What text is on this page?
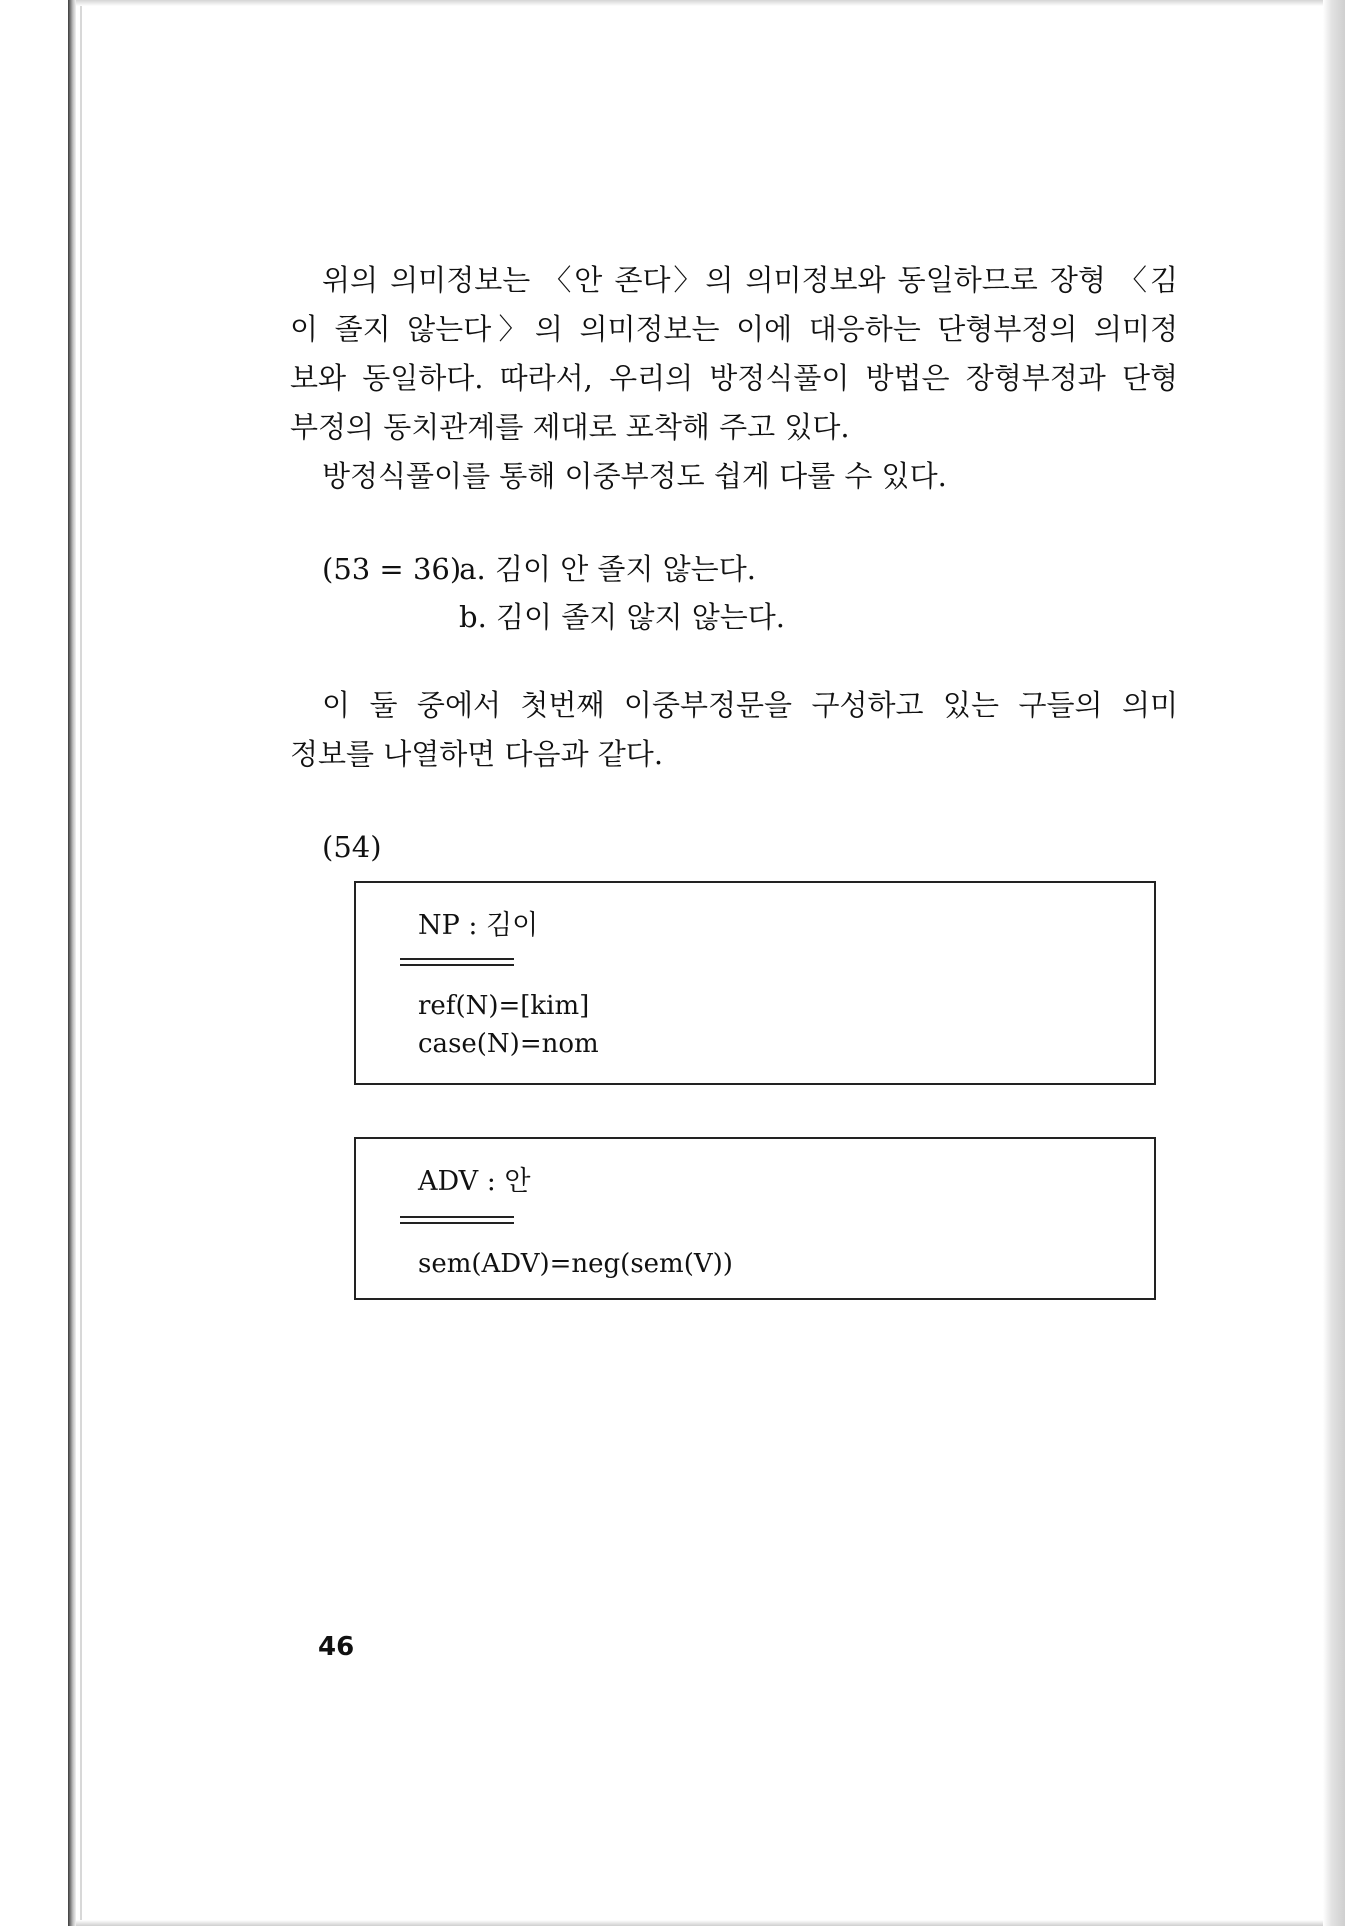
위의 의미정보는 〈안 존다〉의 의미정보와 동일하므로 장형 〈김

이 졸지 않는다〉의 의미정보는 이에 대응하는 단형부정의 의미정

보와 동일하다. 따라서, 우리의 방정식풀이 방법은 장형부정과 단형

부정의 동치관계를 제대로 포착해 주고 있다.

방정식풀이를 통해 이중부정도 쉽게 다룰 수 있다.

(53 = 36) a. 김이 안 졸지 않는다.
b. 김이 졸지 않지 않는다.

이 둘 중에서 첫번째 이중부정문을 구성하고 있는 구들의 의미

정보를 나열하면 다음과 같다.

(54)
NP : 김이
ref(N)=[kim]
case(N)=nom
ADV : 안
sem(ADV)=neg(sem(V))
46
